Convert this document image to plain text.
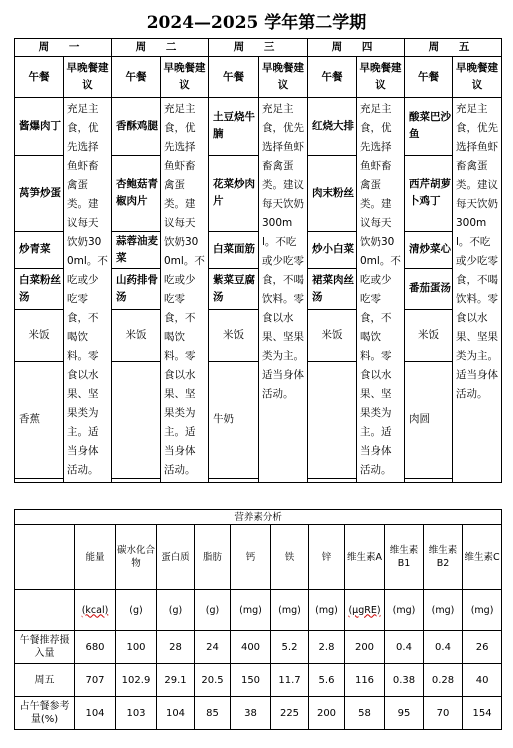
2024—2025 学年第二学期
周 一		周 二		周 三		周 四		周 五	
午餐	早晚餐建议	午餐	早晚餐建议	午餐	早晚餐建议	午餐	早晚餐建议	午餐	早晚餐建议
酱爆肉丁	充足主食，优先选择鱼虾畜禽蛋类。建议每天饮奶300ml。不吃或少吃零食，不喝饮料。零食以水果、坚果类为主。适当身体活动。	香酥鸡腿	充足主食，优先选择鱼虾畜禽蛋类。建议每天饮奶300ml。不吃或少吃零食，不喝饮料。零食以水果、坚果类为主。适当身体活动。	土豆烧牛腩	充足主食，优先选择鱼虾畜禽蛋类。建议每天饮奶300ml。不吃或少吃零食，不喝饮料。零食以水果、坚果类为主。适当身体活动。	红烧大排	充足主食，优先选择鱼虾畜禽蛋类。建议每天饮奶300ml。不吃或少吃零食，不喝饮料。零食以水果、坚果类为主。适当身体活动。	酸菜巴沙鱼	充足主食，优先选择鱼虾畜禽蛋类。建议每天饮奶300ml。不吃或少吃零食，不喝饮料。零食以水果、坚果类为主。适当身体活动。
莴笋炒蛋		杏鲍菇青椒肉片		花菜炒肉片		肉末粉丝		西芹胡萝卜鸡丁	
炒青菜		蒜蓉油麦菜		白菜面筋		炒小白菜		清炒菜心	
白菜粉丝汤		山药排骨汤		紫菜豆腐汤		裙菜肉丝汤		番茄蛋汤	
米饭		米饭		米饭		米饭		米饭	
香蕉				牛奶				肉圆	

营养素分析											
	能量	碳水化合物	蛋白质	脂肪	钙	铁	锌	维生素A	维生素B1	维生素B2	维生素C
	(kcal)	(g)	(g)	(g)	(mg)	(mg)	(mg)	(μgRE)	(mg)	(mg)	(mg)
午餐推荐摄入量	680	100	28	24	400	5.2	2.8	200	0.4	0.4	26
周五	707	102.9	29.1	20.5	150	11.7	5.6	116	0.38	0.28	40
占午餐参考量(%)	104	103	104	85	38	225	200	58	95	70	154
